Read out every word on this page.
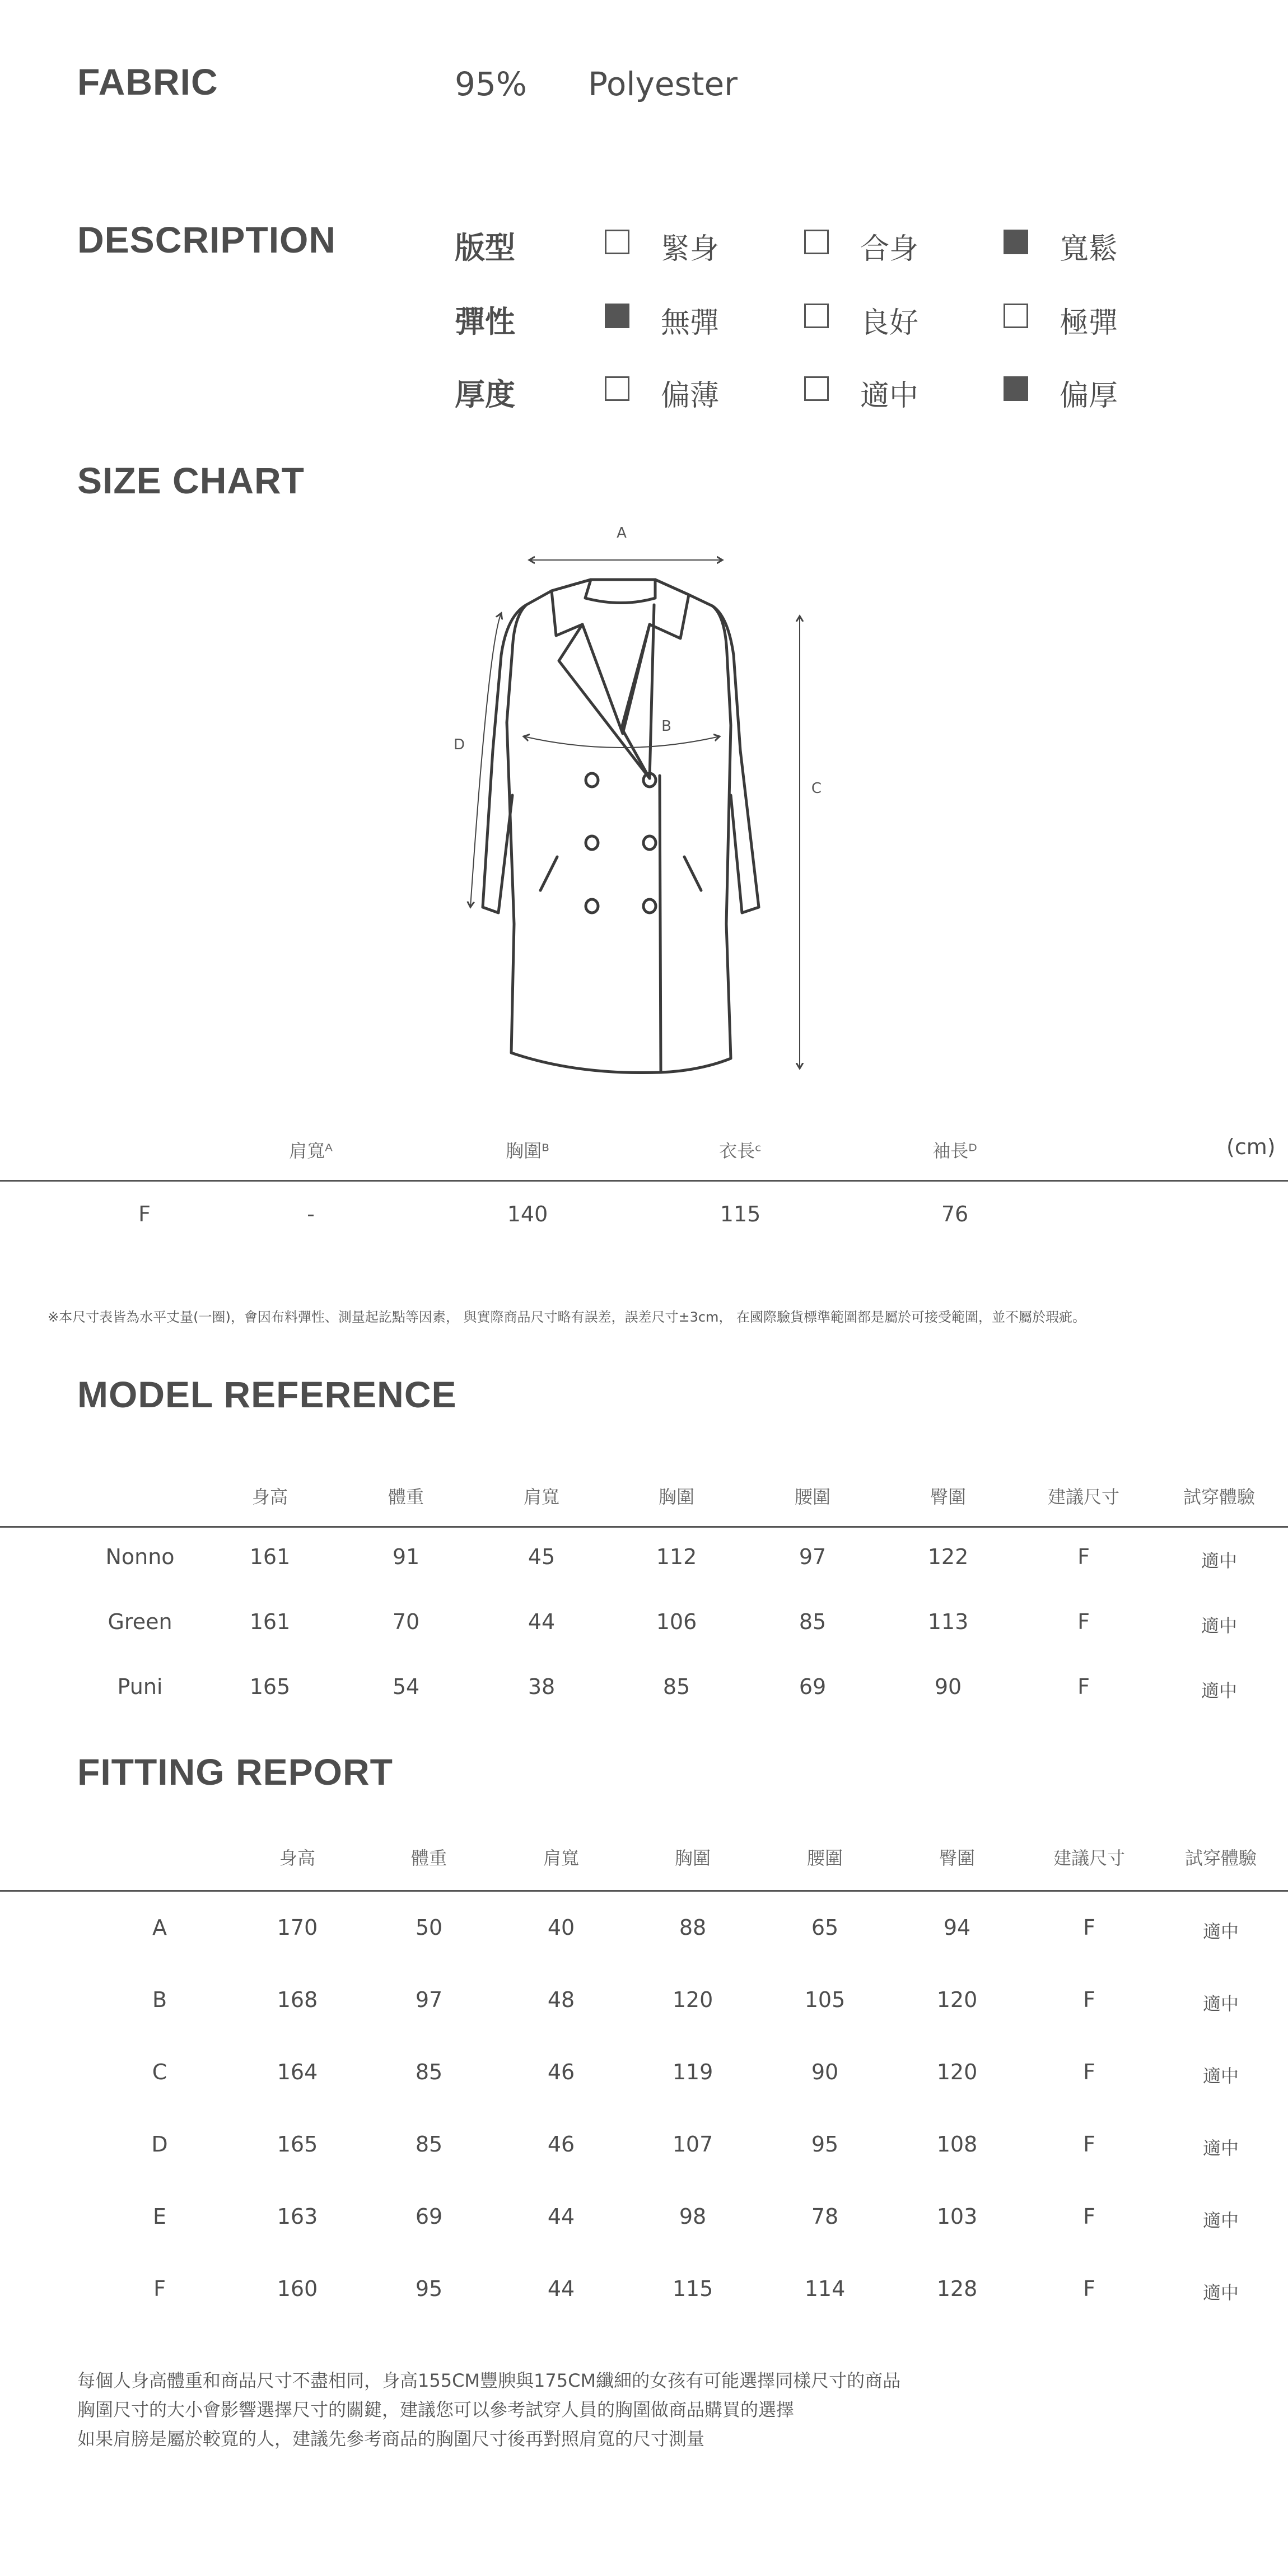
FABRIC	95% Polyester
DESCRIPTION	版型	緊身	合身	寬鬆
彈性	無彈	良好	極彈
厚度	偏薄	適中	偏厚
SIZE CHART
A
B
C
D
肩寬ᴬ	胸圍ᴮ	衣長ᶜ	袖長ᴰ
F	-	140	115	76
(cm)
※本尺寸表皆為水平丈量(一圈)，會因布料彈性、測量起訖點等因素， 與實際商品尺寸略有誤差，誤差尺寸±3cm， 在國際驗貨標準範圍都是屬於可接受範圍，並不屬於瑕疵。
MODEL REFERENCE
身高	體重	肩寬	胸圍	腰圍	臀圍	建議尺寸	試穿體驗
Nonno	161	91	45	112	97	122	F	適中
Green	161	70	44	106	85	113	F	適中
Puni	165	54	38	85	69	90	F	適中
FITTING REPORT
身高	體重	肩寬	胸圍	腰圍	臀圍	建議尺寸	試穿體驗
A	170	50	40	88	65	94	F	適中
B	168	97	48	120	105	120	F	適中
C	164	85	46	119	90	120	F	適中
D	165	85	46	107	95	108	F	適中
E	163	69	44	98	78	103	F	適中
F	160	95	44	115	114	128	F	適中
每個人身高體重和商品尺寸不盡相同，身高155CM豐腴與175CM纖細的女孩有可能選擇同樣尺寸的商品
胸圍尺寸的大小會影響選擇尺寸的關鍵，建議您可以參考試穿人員的胸圍做商品購買的選擇
如果肩膀是屬於較寬的人，建議先參考商品的胸圍尺寸後再對照肩寬的尺寸測量
